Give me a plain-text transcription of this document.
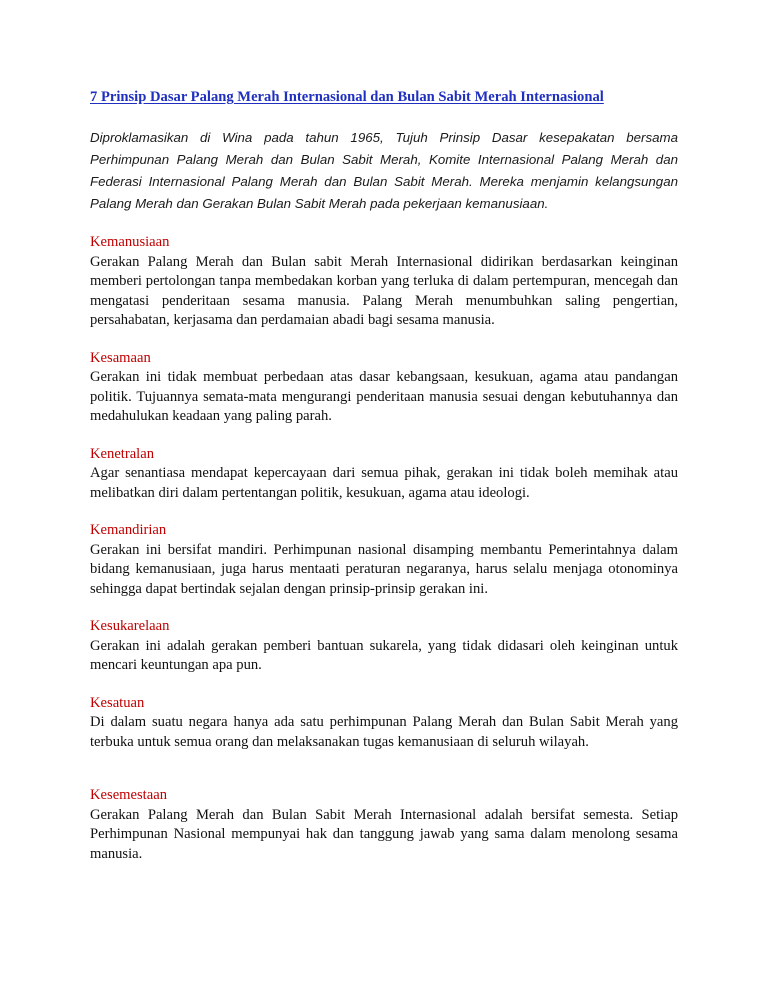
7 Prinsip Dasar Palang Merah Internasional dan Bulan Sabit Merah Internasional

Diproklamasikan di Wina pada tahun 1965, Tujuh Prinsip Dasar kesepakatan bersama Perhimpunan Palang Merah dan Bulan Sabit Merah, Komite Internasional Palang Merah dan Federasi Internasional Palang Merah dan Bulan Sabit Merah. Mereka menjamin kelangsungan Palang Merah dan Gerakan Bulan Sabit Merah pada pekerjaan kemanusiaan.

Kemanusiaan

Gerakan Palang Merah dan Bulan sabit Merah Internasional didirikan berdasarkan keinginan memberi pertolongan tanpa membedakan korban yang terluka di dalam pertempuran, mencegah dan mengatasi penderitaan sesama manusia. Palang Merah menumbuhkan saling pengertian, persahabatan, kerjasama dan perdamaian abadi bagi sesama manusia.

Kesamaan

Gerakan ini tidak membuat perbedaan atas dasar kebangsaan, kesukuan, agama atau pandangan politik. Tujuannya semata-mata mengurangi penderitaan manusia sesuai dengan kebutuhannya dan medahulukan keadaan yang paling parah.

Kenetralan

Agar senantiasa mendapat kepercayaan dari semua pihak, gerakan ini tidak boleh memihak atau melibatkan diri dalam pertentangan politik, kesukuan, agama atau ideologi.

Kemandirian

Gerakan ini bersifat mandiri. Perhimpunan nasional disamping membantu Pemerintahnya dalam bidang kemanusiaan, juga harus mentaati peraturan negaranya, harus selalu menjaga otonominya sehingga dapat bertindak sejalan dengan prinsip-prinsip gerakan ini.

Kesukarelaan

Gerakan ini adalah gerakan pemberi bantuan sukarela, yang tidak didasari oleh keinginan untuk mencari keuntungan apa pun.

Kesatuan

Di dalam suatu negara hanya ada satu perhimpunan Palang Merah dan Bulan Sabit Merah yang terbuka untuk semua orang dan melaksanakan tugas kemanusiaan di seluruh wilayah.

Kesemestaan

Gerakan Palang Merah dan Bulan Sabit Merah Internasional adalah bersifat semesta. Setiap Perhimpunan Nasional mempunyai hak dan tanggung jawab yang sama dalam menolong sesama manusia.
